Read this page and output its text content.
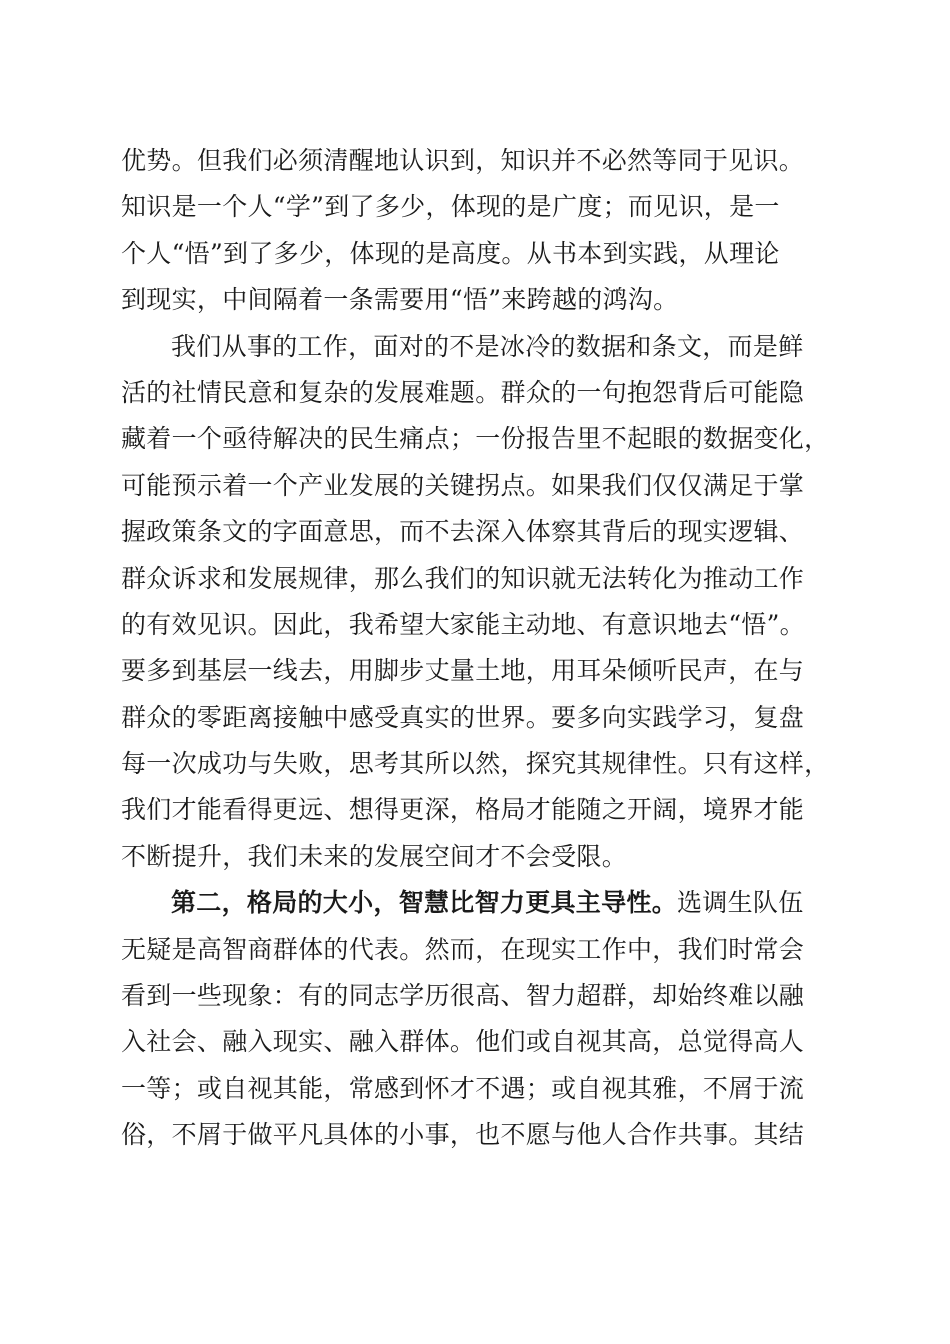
优势。但我们必须清醒地认识到，知识并不必然等同于见识。
知识是一个人“学”到了多少，体现的是广度；而见识，是一
个人“悟”到了多少，体现的是高度。从书本到实践，从理论
到现实，中间隔着一条需要用“悟”来跨越的鸿沟。
我们从事的工作，面对的不是冰冷的数据和条文，而是鲜
活的社情民意和复杂的发展难题。群众的一句抱怨背后可能隐
藏着一个亟待解决的民生痛点；一份报告里不起眼的数据变化，
可能预示着一个产业发展的关键拐点。如果我们仅仅满足于掌
握政策条文的字面意思，而不去深入体察其背后的现实逻辑、
群众诉求和发展规律，那么我们的知识就无法转化为推动工作
的有效见识。因此，我希望大家能主动地、有意识地去“悟”。
要多到基层一线去，用脚步丈量土地，用耳朵倾听民声，在与
群众的零距离接触中感受真实的世界。要多向实践学习，复盘
每一次成功与失败，思考其所以然，探究其规律性。只有这样，
我们才能看得更远、想得更深，格局才能随之开阔，境界才能
不断提升，我们未来的发展空间才不会受限。
第二，格局的大小，智慧比智力更具主导性。选调生队伍
无疑是高智商群体的代表。然而，在现实工作中，我们时常会
看到一些现象：有的同志学历很高、智力超群，却始终难以融
入社会、融入现实、融入群体。他们或自视其高，总觉得高人
一等；或自视其能，常感到怀才不遇；或自视其雅，不屑于流
俗，不屑于做平凡具体的小事，也不愿与他人合作共事。其结
